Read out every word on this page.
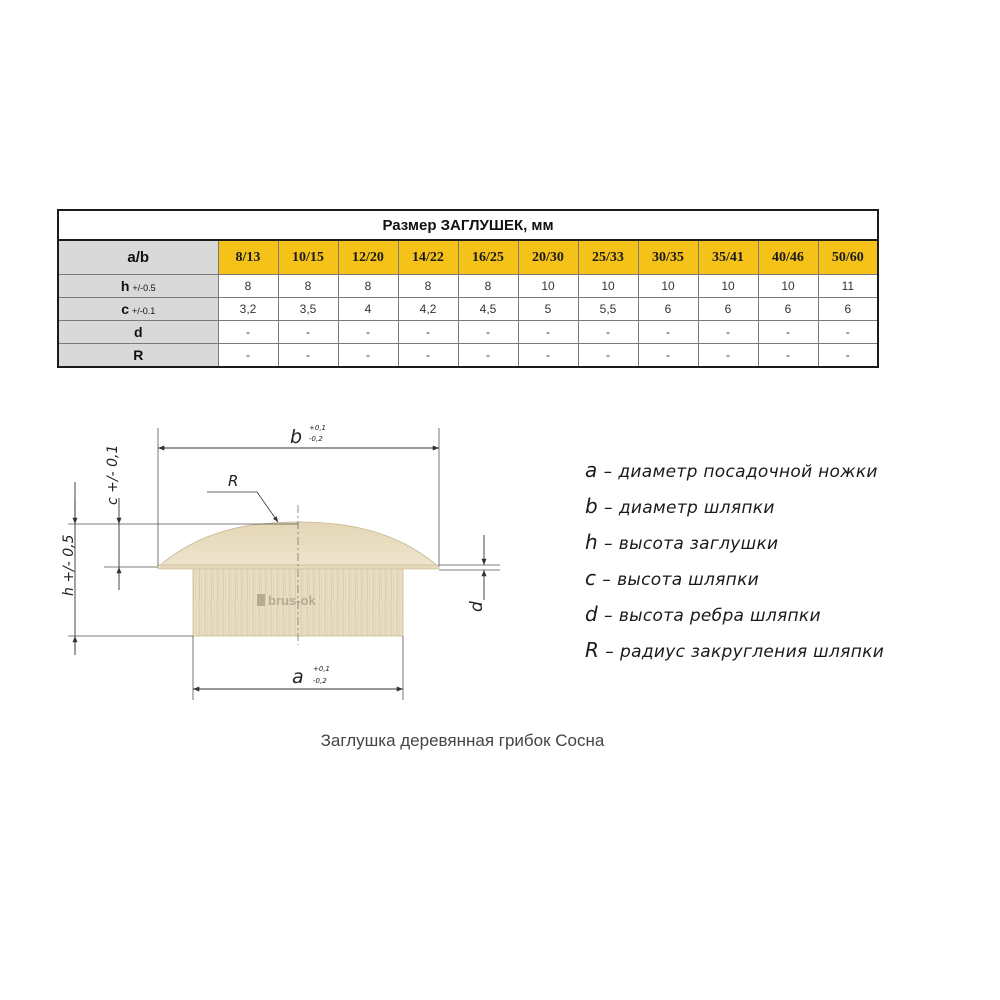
Размер ЗАГЛУШЕК, мм											
a/b	8/13	10/15	12/20	14/22	16/25	20/30	25/33	30/35	35/41	40/46	50/60
h +/-0.5	8	8	8	8	8	10	10	10	10	10	11
c +/-0.1	3,2	3,5	4	4,2	4,5	5	5,5	6	6	6	6
d	-	-	-	-	-	-	-	-	-	-	-
R	-	-	-	-	-	-	-	-	-	-	-
brus-ok
b +0,1
-0,2
a +0,1
-0,2
R
c +/- 0,1
h +/- 0,5
d
a – диаметр посадочной ножки
b – диаметр шляпки
h – высота заглушки
c – высота шляпки
d – высота ребра шляпки
R – радиус закругления шляпки
Заглушка деревянная грибок Сосна
